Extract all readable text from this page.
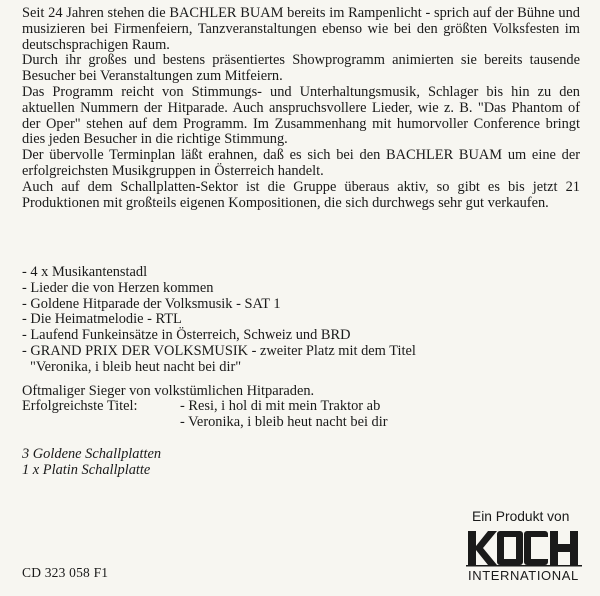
Seit 24 Jahren stehen die BACHLER BUAM bereits im Rampenlicht - sprich auf der Bühne und musizieren bei Firmenfeiern, Tanzveranstaltungen ebenso wie bei den größten Volksfesten im deutschsprachigen Raum.

Durch ihr großes und bestens präsentiertes Showprogramm animierten sie bereits tausende Besucher bei Veranstaltungen zum Mitfeiern.

Das Programm reicht von Stimmungs- und Unterhaltungsmusik, Schlager bis hin zu den aktuellen Nummern der Hitparade. Auch anspruchsvollere Lieder, wie z. B. "Das Phantom of der Oper" stehen auf dem Programm. Im Zusammenhang mit humorvoller Conference bringt dies jeden Besucher in die richtige Stimmung.

Der übervolle Terminplan läßt erahnen, daß es sich bei den BACHLER BUAM um eine der erfolgreichsten Musikgruppen in Österreich handelt.

Auch auf dem Schallplatten-Sektor ist die Gruppe überaus aktiv, so gibt es bis jetzt 21 Produktionen mit großteils eigenen Kompositionen, die sich durchwegs sehr gut verkaufen.

- 4 x Musikantenstadl
- Lieder die von Herzen kommen
- Goldene Hitparade der Volksmusik - SAT 1
- Die Heimatmelodie - RTL
- Laufend Funkeinsätze in Österreich, Schweiz und BRD
- GRAND PRIX DER VOLKSMUSIK - zweiter Platz mit dem Titel
"Veronika, i bleib heut nacht bei dir"
Oftmaliger Sieger von volkstümlichen Hitparaden.
Erfolgreichste Titel:	- Resi, i hol di mit mein Traktor ab
- Veronika, i bleib heut nacht bei dir
3 Goldene Schallplatten
1 x Platin Schallplatte
CD 323 058 F1
Ein Produkt von
INTERNATIONAL
